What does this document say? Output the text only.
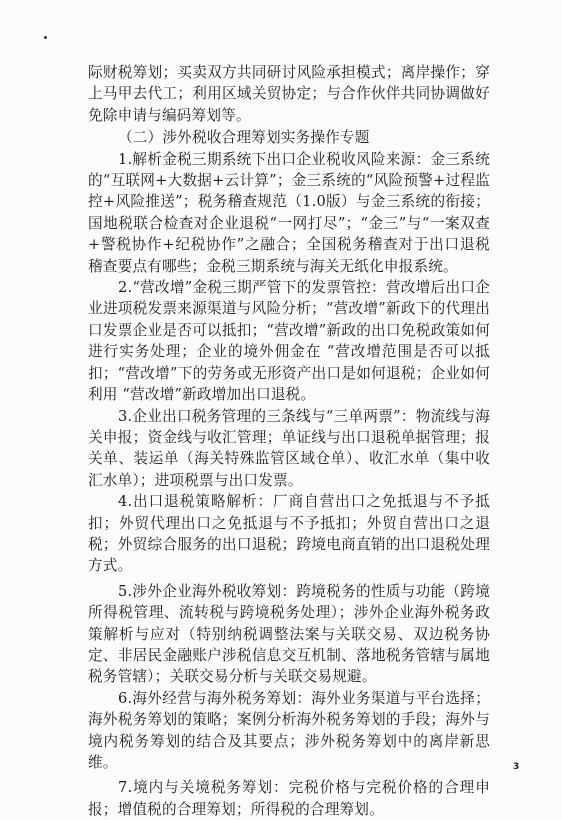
际财税筹划；买卖双方共同研讨风险承担模式；离岸操作；穿上马甲去代工；利用区域关贸协定；与合作伙伴共同协调做好免除申请与编码筹划等。

（二）涉外税收合理筹划实务操作专题

1.解析金税三期系统下出口企业税收风险来源：金三系统的“互联网+大数据+云计算”；金三系统的“风险预警+过程监控+风险推送”；税务稽查规范（1.0版）与金三系统的衔接；国地税联合检查对企业退税“一网打尽”；“金三”与“一案双查+警税协作+纪税协作”之融合；全国税务稽查对于出口退税稽查要点有哪些；金税三期系统与海关无纸化申报系统。

2.“营改增”金税三期严管下的发票管控：营改增后出口企业进项税发票来源渠道与风险分析；“营改增”新政下的代理出口发票企业是否可以抵扣；“营改增”新政的出口免税政策如何进行实务处理；企业的境外佣金在 “营改增范围是否可以抵扣；“营改增”下的劳务或无形资产出口是如何退税；企业如何利用 “营改增”新政增加出口退税。

3.企业出口税务管理的三条线与“三单两票”：物流线与海关申报；资金线与收汇管理；单证线与出口退税单据管理；报关单、装运单（海关特殊监管区域仓单）、收汇水单（集中收汇水单）；进项税票与出口发票。

4.出口退税策略解析：厂商自营出口之免抵退与不予抵扣；外贸代理出口之免抵退与不予抵扣；外贸自营出口之退税；外贸综合服务的出口退税；跨境电商直销的出口退税处理方式。

5.涉外企业海外税收筹划：跨境税务的性质与功能（跨境所得税管理、流转税与跨境税务处理）；涉外企业海外税务政策解析与应对（特别纳税调整法案与关联交易、双边税务协定、非居民金融账户涉税信息交互机制、落地税务管辖与属地税务管辖）；关联交易分析与关联交易规避。

6.海外经营与海外税务筹划：海外业务渠道与平台选择；海外税务筹划的策略；案例分析海外税务筹划的手段；海外与境内税务筹划的结合及其要点；涉外税务筹划中的离岸新思维。

7.境内与关境税务筹划：完税价格与完税价格的合理申报；增值税的合理筹划；所得税的合理筹划。

3
